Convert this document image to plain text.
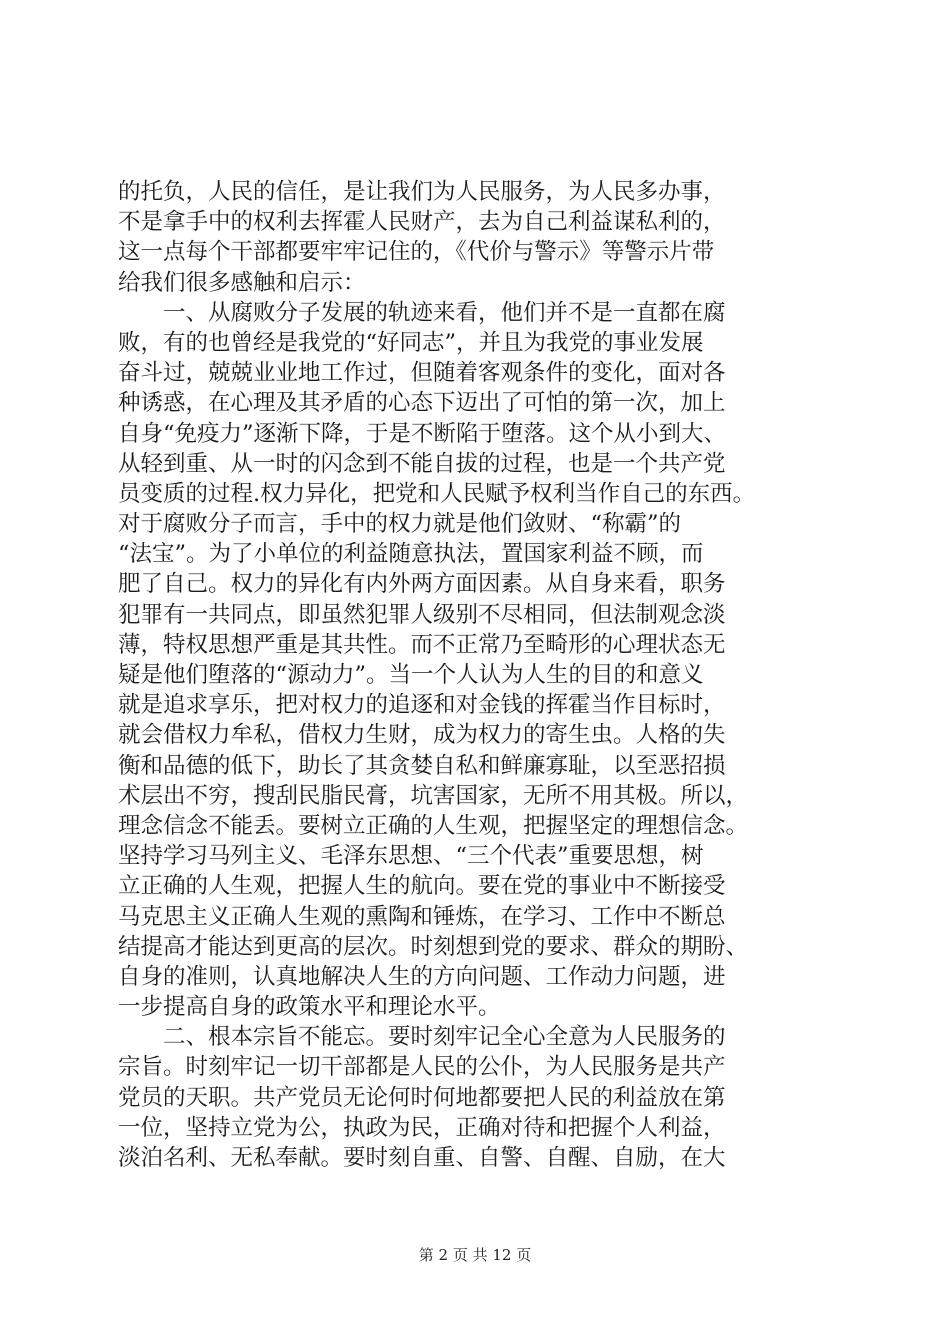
的托负，人民的信任，是让我们为人民服务，为人民多办事，
不是拿手中的权利去挥霍人民财产，去为自己利益谋私利的，
这一点每个干部都要牢牢记住的，《代价与警示》等警示片带
给我们很多感触和启示：
　　一、从腐败分子发展的轨迹来看，他们并不是一直都在腐
败，有的也曾经是我党的“好同志”，并且为我党的事业发展
奋斗过，兢兢业业地工作过，但随着客观条件的变化，面对各
种诱惑，在心理及其矛盾的心态下迈出了可怕的第一次，加上
自身“免疫力”逐渐下降，于是不断陷于堕落。这个从小到大、
从轻到重、从一时的闪念到不能自拔的过程，也是一个共产党
员变质的过程.权力异化，把党和人民赋予权利当作自己的东西。
对于腐败分子而言，手中的权力就是他们敛财、“称霸”的
“法宝”。为了小单位的利益随意执法，置国家利益不顾，而
肥了自己。权力的异化有内外两方面因素。从自身来看，职务
犯罪有一共同点，即虽然犯罪人级别不尽相同，但法制观念淡
薄，特权思想严重是其共性。而不正常乃至畸形的心理状态无
疑是他们堕落的“源动力”。当一个人认为人生的目的和意义
就是追求享乐，把对权力的追逐和对金钱的挥霍当作目标时，
就会借权力牟私，借权力生财，成为权力的寄生虫。人格的失
衡和品德的低下，助长了其贪婪自私和鲜廉寡耻，以至恶招损
术层出不穷，搜刮民脂民膏，坑害国家，无所不用其极。所以，
理念信念不能丢。要树立正确的人生观，把握坚定的理想信念。
坚持学习马列主义、毛泽东思想、“三个代表”重要思想，树
立正确的人生观，把握人生的航向。要在党的事业中不断接受
马克思主义正确人生观的熏陶和锤炼，在学习、工作中不断总
结提高才能达到更高的层次。时刻想到党的要求、群众的期盼、
自身的准则，认真地解决人生的方向问题、工作动力问题，进
一步提高自身的政策水平和理论水平。
　　二、根本宗旨不能忘。要时刻牢记全心全意为人民服务的
宗旨。时刻牢记一切干部都是人民的公仆，为人民服务是共产
党员的天职。共产党员无论何时何地都要把人民的利益放在第
一位，坚持立党为公，执政为民，正确对待和把握个人利益，
淡泊名利、无私奉献。要时刻自重、自警、自醒、自励，在大
第 2 页 共 12 页
